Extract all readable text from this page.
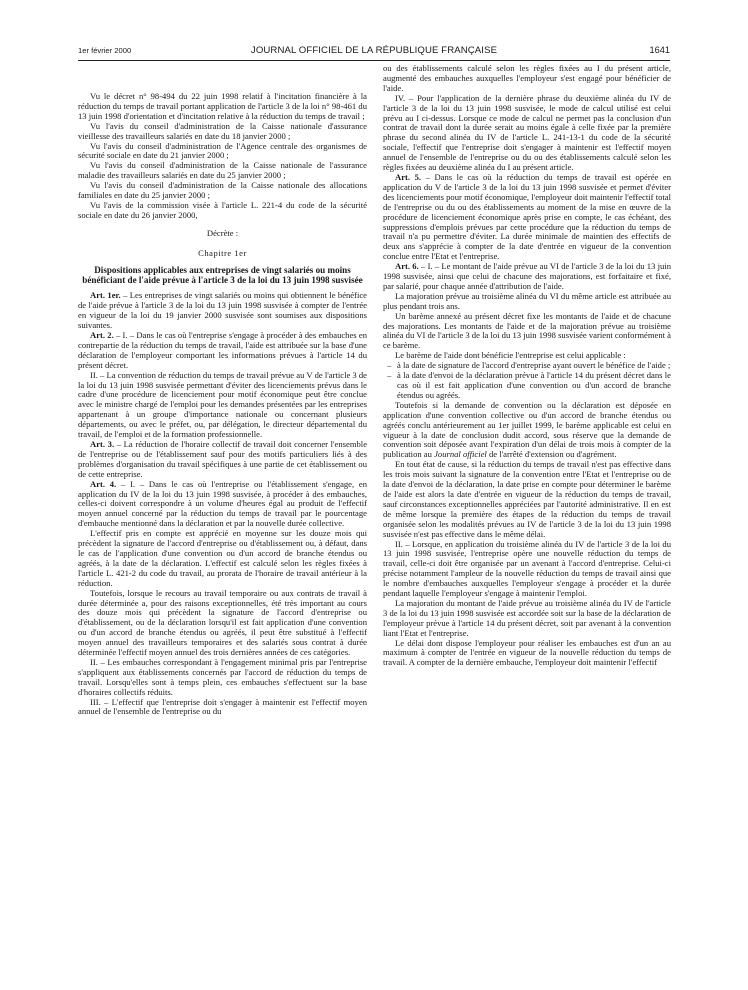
1er février 2000	JOURNAL OFFICIEL DE LA RÉPUBLIQUE FRANÇAISE	1641

Vu le décret n° 98-494 du 22 juin 1998 relatif à l'incitation financière à la réduction du temps de travail portant application de l'article 3 de la loi n° 98-461 du 13 juin 1998 d'orientation et d'incitation relative à la réduction du temps de travail ;

Vu l'avis du conseil d'administration de la Caisse nationale d'assurance vieillesse des travailleurs salariés en date du 18 janvier 2000 ;

Vu l'avis du conseil d'administration de l'Agence centrale des organismes de sécurité sociale en date du 21 janvier 2000 ;

Vu l'avis du conseil d'administration de la Caisse nationale de l'assurance maladie des travailleurs salariés en date du 25 janvier 2000 ;

Vu l'avis du conseil d'administration de la Caisse nationale des allocations familiales en date du 25 janvier 2000 ;

Vu l'avis de la commission visée à l'article L. 221-4 du code de la sécurité sociale en date du 26 janvier 2000,

Décrète :

Chapitre 1er
Dispositions applicables aux entreprises de vingt salariés ou moins bénéficiant de l'aide prévue à l'article 3 de la loi du 13 juin 1998 susvisée

Art. 1er. – Les entreprises de vingt salariés ou moins qui obtiennent le bénéfice de l'aide prévue à l'article 3 de la loi du 13 juin 1998 susvisée à compter de l'entrée en vigueur de la loi du 19 janvier 2000 susvisée sont soumises aux dispositions suivantes.

Art. 2. – I. – Dans le cas où l'entreprise s'engage à procéder à des embauches en contrepartie de la réduction du temps de travail, l'aide est attribuée sur la base d'une déclaration de l'employeur comportant les informations prévues à l'article 14 du présent décret.

II. – La convention de réduction du temps de travail prévue au V de l'article 3 de la loi du 13 juin 1998 susvisée permettant d'éviter des licenciements prévus dans le cadre d'une procédure de licenciement pour motif économique peut être conclue avec le ministre chargé de l'emploi pour les demandes présentées par les entreprises appartenant à un groupe d'importance nationale ou concernant plusieurs départements, ou avec le préfet, ou, par délégation, le directeur départemental du travail, de l'emploi et de la formation professionnelle.

Art. 3. – La réduction de l'horaire collectif de travail doit concerner l'ensemble de l'entreprise ou de l'établissement sauf pour des motifs particuliers liés à des problèmes d'organisation du travail spécifiques à une partie de cet établissement ou de cette entreprise.

Art. 4. – I. – Dans le cas où l'entreprise ou l'établissement s'engage, en application du IV de la loi du 13 juin 1998 susvisée, à procéder à des embauches, celles-ci doivent correspondre à un volume d'heures égal au produit de l'effectif moyen annuel concerné par la réduction du temps de travail par le pourcentage d'embauche mentionné dans la déclaration et par la nouvelle durée collective.

L'effectif pris en compte est apprécié en moyenne sur les douze mois qui précèdent la signature de l'accord d'entreprise ou d'établissement ou, à défaut, dans le cas de l'application d'une convention ou d'un accord de branche étendus ou agréés, à la date de la déclaration. L'effectif est calculé selon les règles fixées à l'article L. 421-2 du code du travail, au prorata de l'horaire de travail antérieur à la réduction.

Toutefois, lorsque le recours au travail temporaire ou aux contrats de travail à durée déterminée a, pour des raisons exceptionnelles, été très important au cours des douze mois qui précèdent la signature de l'accord d'entreprise ou d'établissement, ou de la déclaration lorsqu'il est fait application d'une convention ou d'un accord de branche étendus ou agréés, il peut être substitué à l'effectif moyen annuel des travailleurs temporaires et des salariés sous contrat à durée déterminée l'effectif moyen annuel des trois dernières années de ces catégories.

II. – Les embauches correspondant à l'engagement minimal pris par l'entreprise s'appliquent aux établissements concernés par l'accord de réduction du temps de travail. Lorsqu'elles sont à temps plein, ces embauches s'effectuent sur la base d'horaires collectifs réduits.

III. – L'effectif que l'entreprise doit s'engager à maintenir est l'effectif moyen annuel de l'ensemble de l'entreprise ou du

ou des établissements calculé selon les règles fixées au I du présent article, augmenté des embauches auxquelles l'employeur s'est engagé pour bénéficier de l'aide.

IV. – Pour l'application de la dernière phrase du deuxième alinéa du IV de l'article 3 de la loi du 13 juin 1998 susvisée, le mode de calcul utilisé est celui prévu au I ci-dessus. Lorsque ce mode de calcul ne permet pas la conclusion d'un contrat de travail dont la durée serait au moins égale à celle fixée par la première phrase du second alinéa du IV de l'article L. 241-13-1 du code de la sécurité sociale, l'effectif que l'entreprise doit s'engager à maintenir est l'effectif moyen annuel de l'ensemble de l'entreprise ou du ou des établissements calculé selon les règles fixées au deuxième alinéa du I au présent article.

Art. 5. – Dans le cas où la réduction du temps de travail est opérée en application du V de l'article 3 de la loi du 13 juin 1998 susvisée et permet d'éviter des licenciements pour motif économique, l'employeur doit maintenir l'effectif total de l'entreprise ou du ou des établissements au moment de la mise en œuvre de la procédure de licenciement économique après prise en compte, le cas échéant, des suppressions d'emplois prévues par cette procédure que la réduction du temps de travail n'a pu permettre d'éviter. La durée minimale de maintien des effectifs de deux ans s'apprécie à compter de la date d'entrée en vigueur de la convention conclue entre l'Etat et l'entreprise.

Art. 6. – I. – Le montant de l'aide prévue au VI de l'article 3 de la loi du 13 juin 1998 susvisée, ainsi que celui de chacune des majorations, est forfaitaire et fixé, par salarié, pour chaque année d'attribution de l'aide.

La majoration prévue au troisième alinéa du VI du même article est attribuée au plus pendant trois ans.

Un barème annexé au présent décret fixe les montants de l'aide et de chacune des majorations. Les montants de l'aide et de la majoration prévue au troisième alinéa du VI de l'article 3 de la loi du 13 juin 1998 susvisée varient conformément à ce barème.

Le barème de l'aide dont bénéficie l'entreprise est celui applicable :

– à la date de signature de l'accord d'entreprise ayant ouvert le bénéfice de l'aide ;
– à la date d'envoi de la déclaration prévue à l'article 14 du présent décret dans le cas où il est fait application d'une convention ou d'un accord de branche étendus ou agréés.

Toutefois si la demande de convention ou la déclaration est déposée en application d'une convention collective ou d'un accord de branche étendus ou agréés conclu antérieurement au 1er juillet 1999, le barème applicable est celui en vigueur à la date de conclusion dudit accord, sous réserve que la demande de convention soit déposée avant l'expiration d'un délai de trois mois à compter de la publication au Journal officiel de l'arrêté d'extension ou d'agrément.

En tout état de cause, si la réduction du temps de travail n'est pas effective dans les trois mois suivant la signature de la convention entre l'Etat et l'entreprise ou de la date d'envoi de la déclaration, la date prise en compte pour déterminer le barème de l'aide est alors la date d'entrée en vigueur de la réduction du temps de travail, sauf circonstances exceptionnelles appréciées par l'autorité administrative. Il en est de même lorsque la première des étapes de la réduction du temps de travail organisée selon les modalités prévues au IV de l'article 3 de la loi du 13 juin 1998 susvisée n'est pas effective dans le même délai.

II. – Lorsque, en application du troisième alinéa du IV de l'article 3 de la loi du 13 juin 1998 susvisée, l'entreprise opère une nouvelle réduction du temps de travail, celle-ci doit être organisée par un avenant à l'accord d'entreprise. Celui-ci précise notamment l'ampleur de la nouvelle réduction du temps de travail ainsi que le nombre d'embauches auxquelles l'employeur s'engage à procéder et la durée pendant laquelle l'employeur s'engage à maintenir l'emploi.

La majoration du montant de l'aide prévue au troisième alinéa du IV de l'article 3 de la loi du 13 juin 1998 susvisée est accordée soit sur la base de la déclaration de l'employeur prévue à l'article 14 du présent décret, soit par avenant à la convention liant l'Etat et l'entreprise.

Le délai dont dispose l'employeur pour réaliser les embauches est d'un an au maximum à compter de l'entrée en vigueur de la nouvelle réduction du temps de travail. A compter de la dernière embauche, l'employeur doit maintenir l'effectif
